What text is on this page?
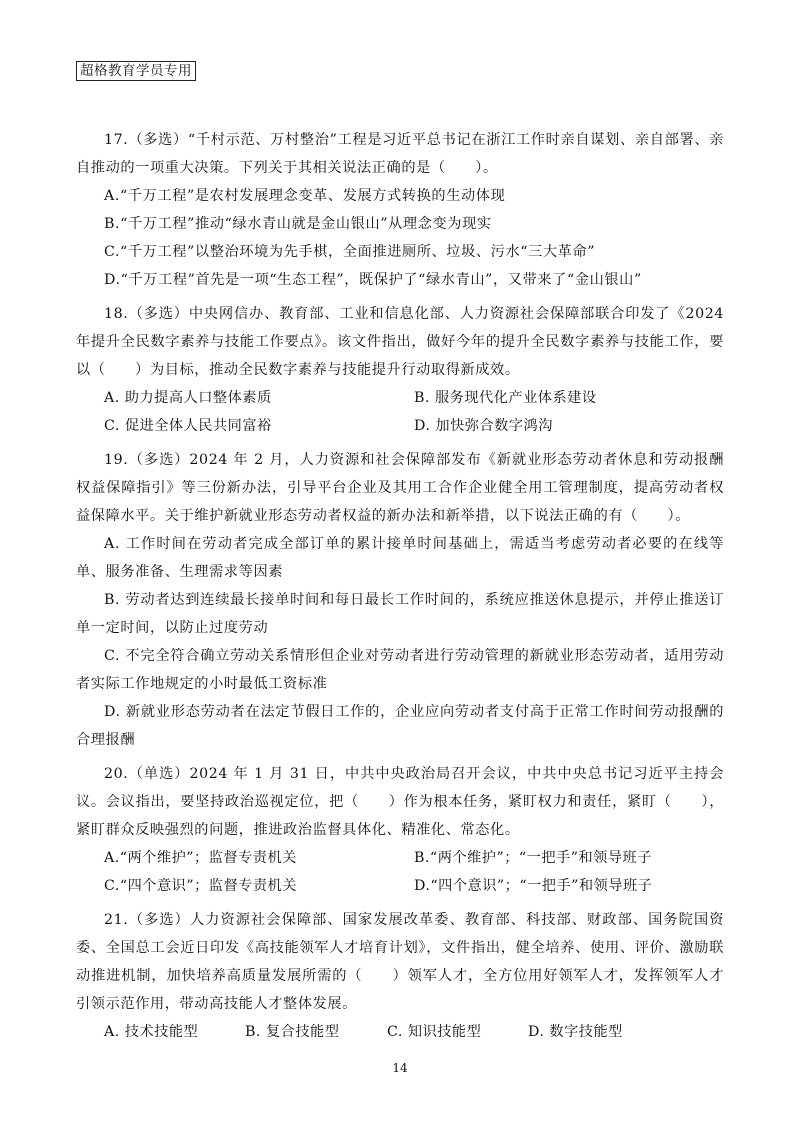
超格教育学员专用

17.（多选）“千村示范、万村整治”工程是习近平总书记在浙江工作时亲自谋划、亲自部署、亲自推动的一项重大决策。下列关于其相关说法正确的是（　　）。

A.“千万工程”是农村发展理念变革、发展方式转换的生动体现

B.“千万工程”推动“绿水青山就是金山银山”从理念变为现实

C.“千万工程”以整治环境为先手棋，全面推进厕所、垃圾、污水“三大革命”

D.“千万工程”首先是一项“生态工程”，既保护了“绿水青山”，又带来了“金山银山”

18.（多选）中央网信办、教育部、工业和信息化部、人力资源社会保障部联合印发了《2024 年提升全民数字素养与技能工作要点》。该文件指出，做好今年的提升全民数字素养与技能工作，要以（　　）为目标，推动全民数字素养与技能提升行动取得新成效。

A. 助力提高人口整体素质	B. 服务现代化产业体系建设
C. 促进全体人民共同富裕	D. 加快弥合数字鸿沟

19.（多选）2024 年 2 月，人力资源和社会保障部发布《新就业形态劳动者休息和劳动报酬权益保障指引》等三份新办法，引导平台企业及其用工合作企业健全用工管理制度，提高劳动者权益保障水平。关于维护新就业形态劳动者权益的新办法和新举措，以下说法正确的有（　　）。

A. 工作时间在劳动者完成全部订单的累计接单时间基础上，需适当考虑劳动者必要的在线等单、服务准备、生理需求等因素

B. 劳动者达到连续最长接单时间和每日最长工作时间的，系统应推送休息提示，并停止推送订单一定时间，以防止过度劳动

C. 不完全符合确立劳动关系情形但企业对劳动者进行劳动管理的新就业形态劳动者，适用劳动者实际工作地规定的小时最低工资标准

D. 新就业形态劳动者在法定节假日工作的，企业应向劳动者支付高于正常工作时间劳动报酬的合理报酬

20.（单选）2024 年 1 月 31 日，中共中央政治局召开会议，中共中央总书记习近平主持会议。会议指出，要坚持政治巡视定位，把（　　）作为根本任务，紧盯权力和责任，紧盯（　　），紧盯群众反映强烈的问题，推进政治监督具体化、精准化、常态化。

A.“两个维护”；监督专责机关	B.“两个维护”；“一把手”和领导班子
C.“四个意识”；监督专责机关	D.“四个意识”；“一把手”和领导班子

21.（多选）人力资源社会保障部、国家发展改革委、教育部、科技部、财政部、国务院国资委、全国总工会近日印发《高技能领军人才培育计划》，文件指出，健全培养、使用、评价、激励联动推进机制，加快培养高质量发展所需的（　　）领军人才，全方位用好领军人才，发挥领军人才引领示范作用，带动高技能人才整体发展。

A. 技术技能型	B. 复合技能型	C. 知识技能型	D. 数字技能型
14
